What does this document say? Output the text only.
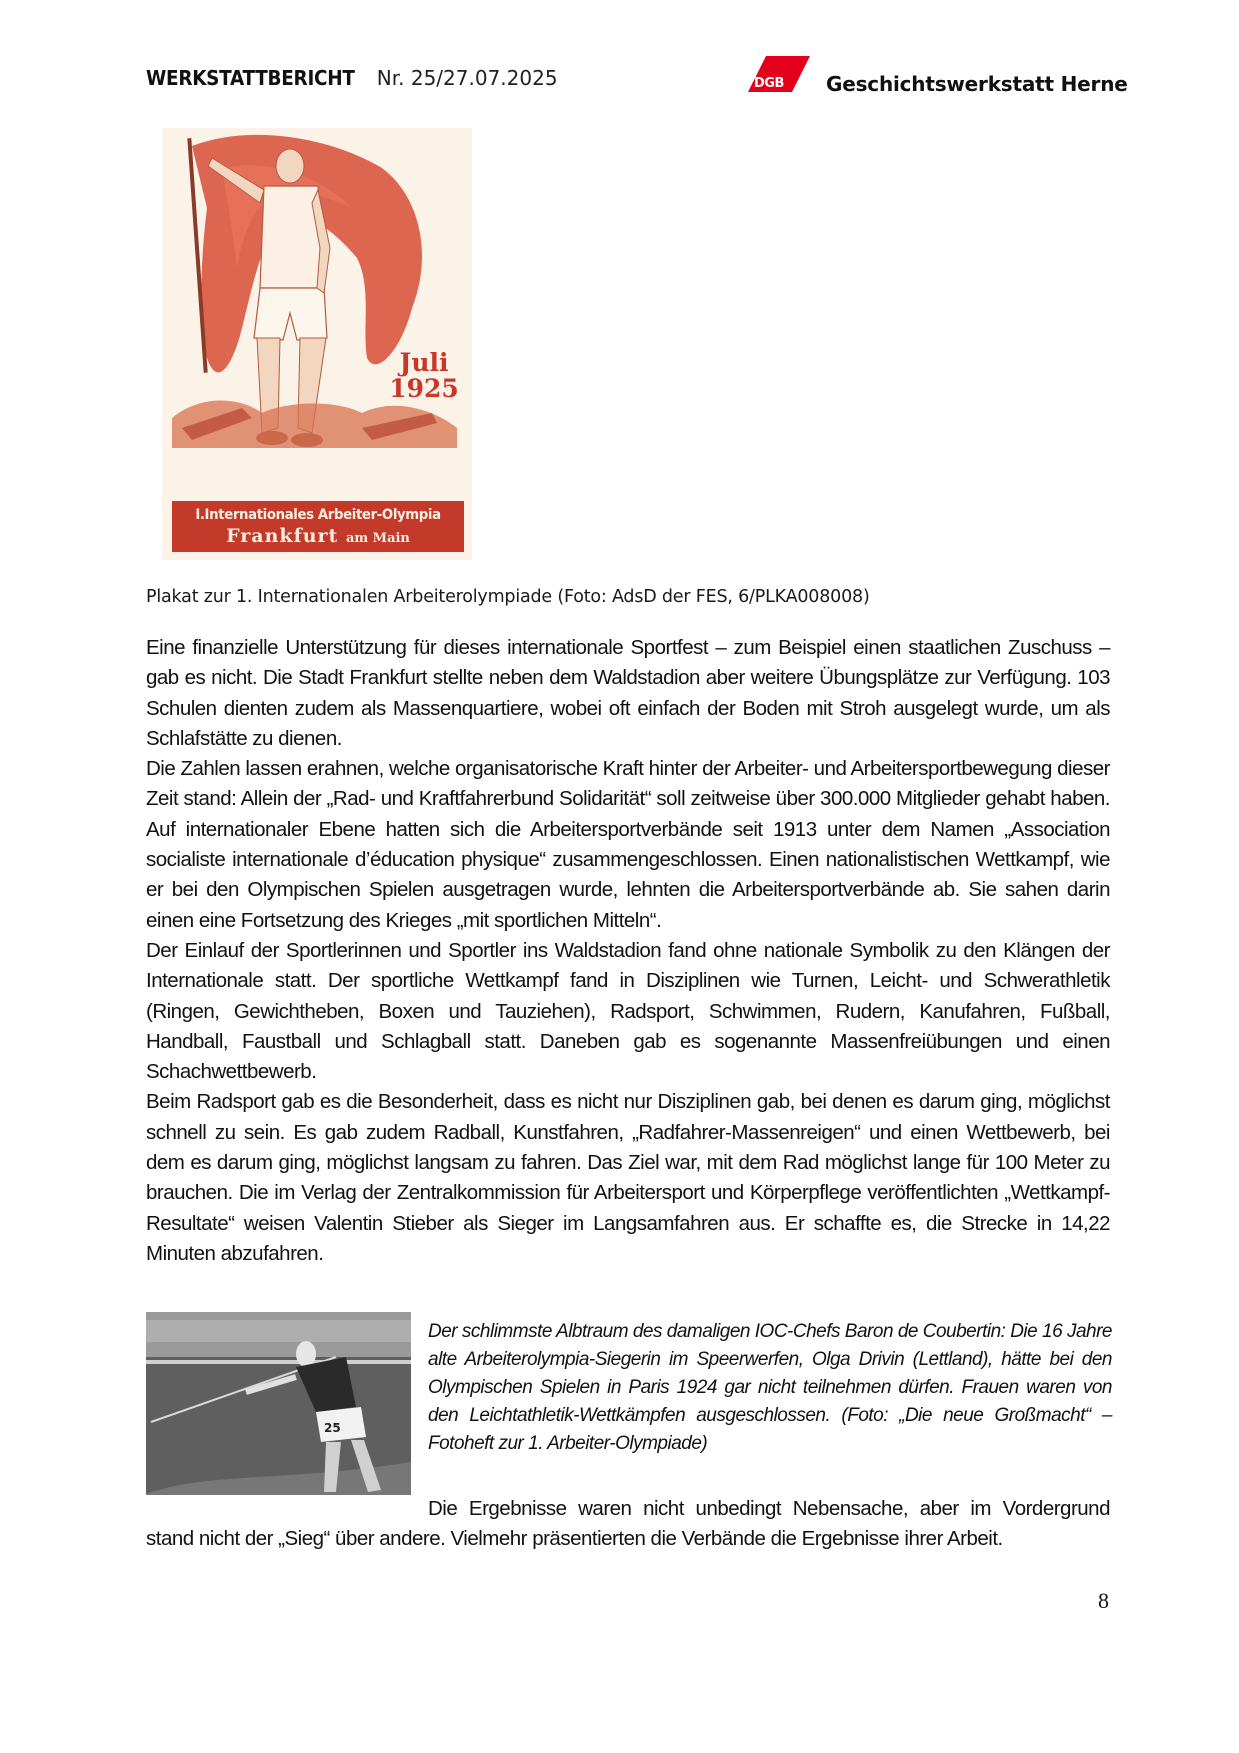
WERKSTATTBERICHT Nr. 25/27.07.2025	DGB Geschichtswerkstatt Herne
Juli
1925
I.Internationales Arbeiter-Olympia
Frankfurt am Main
Plakat zur 1. Internationalen Arbeiterolympiade (Foto: AdsD der FES, 6/PLKA008008)

Eine finanzielle Unterstützung für dieses internationale Sportfest – zum Beispiel einen staatlichen Zuschuss – gab es nicht. Die Stadt Frankfurt stellte neben dem Waldstadion aber weitere Übungsplätze zur Verfügung. 103 Schulen dienten zudem als Massenquartiere, wobei oft einfach der Boden mit Stroh ausgelegt wurde, um als Schlafstätte zu dienen.

Die Zahlen lassen erahnen, welche organisatorische Kraft hinter der Arbeiter- und Arbeitersportbewegung dieser Zeit stand: Allein der „Rad- und Kraftfahrerbund Solidarität“ soll zeitweise über 300.000 Mitglieder gehabt haben. Auf internationaler Ebene hatten sich die Arbeitersportverbände seit 1913 unter dem Namen „Association socialiste internationale d’éducation physique“ zusammengeschlossen. Einen nationalistischen Wettkampf, wie er bei den Olympischen Spielen ausgetragen wurde, lehnten die Arbeitersportverbände ab. Sie sahen darin einen eine Fortsetzung des Krieges „mit sportlichen Mitteln“.

Der Einlauf der Sportlerinnen und Sportler ins Waldstadion fand ohne nationale Symbolik zu den Klängen der Internationale statt. Der sportliche Wettkampf fand in Disziplinen wie Turnen, Leicht- und Schwerathletik (Ringen, Gewichtheben, Boxen und Tauziehen), Radsport, Schwimmen, Rudern, Kanufahren, Fußball, Handball, Faustball und Schlagball statt. Daneben gab es sogenannte Massenfreiübungen und einen Schachwettbewerb.

Beim Radsport gab es die Besonderheit, dass es nicht nur Disziplinen gab, bei denen es darum ging, möglichst schnell zu sein. Es gab zudem Radball, Kunstfahren, „Radfahrer-Massenreigen“ und einen Wettbewerb, bei dem es darum ging, möglichst langsam zu fahren. Das Ziel war, mit dem Rad möglichst lange für 100 Meter zu brauchen. Die im Verlag der Zentralkommission für Arbeitersport und Körperpflege veröffentlichten „Wettkampf-Resultate“ weisen Valentin Stieber als Sieger im Langsamfahren aus. Er schaffte es, die Strecke in 14,22 Minuten abzufahren.

25
Der schlimmste Albtraum des damaligen IOC-Chefs Baron de Coubertin: Die 16 Jahre alte Arbeiterolympia-Siegerin im Speerwerfen, Olga Drivin (Lettland), hätte bei den Olympischen Spielen in Paris 1924 gar nicht teilnehmen dürfen. Frauen waren von den Leichtathletik-Wettkämpfen ausgeschlossen. (Foto: „Die neue Großmacht“ – Fotoheft zur 1. Arbeiter-Olympiade)
Die Ergebnisse waren nicht unbedingt Nebensache, aber im Vordergrund stand nicht der „Sieg“ über andere. Vielmehr präsentierten die Verbände die Ergebnisse ihrer Arbeit.
8
